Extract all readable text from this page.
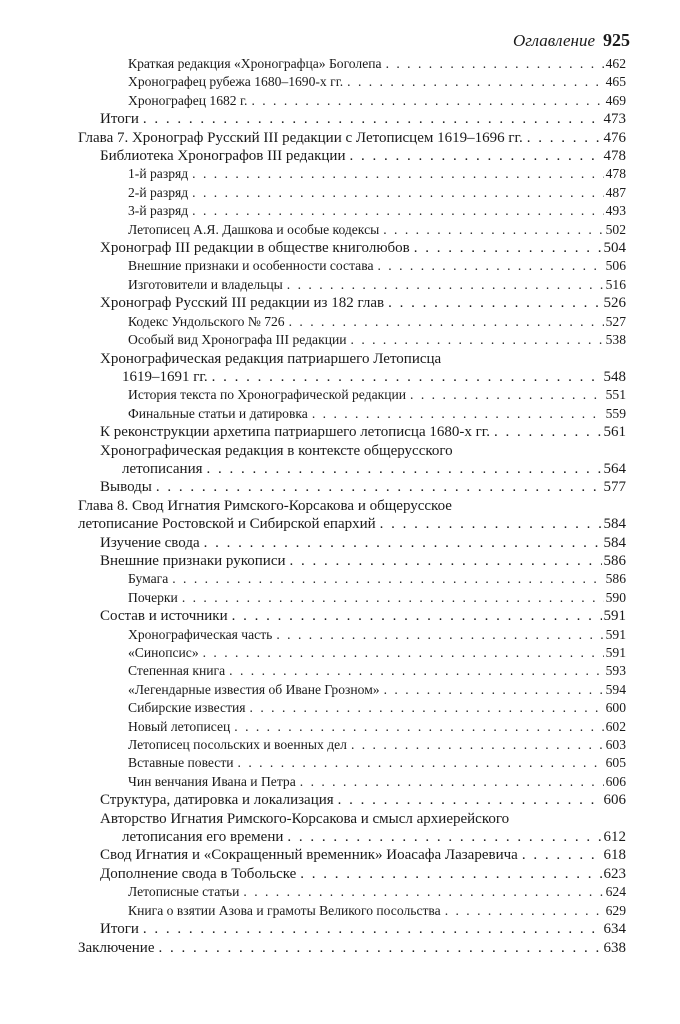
Оглавление 925
Краткая редакция «Хронографца» Боголепа . . .	462
Хронографец рубежа 1680–1690-х гг. . . .	465
Хронографец 1682 г. . . .	469
Итоги . . .	473
Глава 7. Хронограф Русский III редакции с Летописцем 1619–1696 гг. . . .	476
Библиотека Хронографов III редакции . . .	478
1-й разряд . . .	478
2-й разряд . . .	487
3-й разряд . . .	493
Летописец А.Я. Дашкова и особые кодексы . . .	502
Хронограф III редакции в обществе книголюбов . . .	504
Внешние признаки и особенности состава . . .	506
Изготовители и владельцы . . .	516
Хронограф Русский III редакции из 182 глав . . .	526
Кодекс Ундольского № 726 . . .	527
Особый вид Хронографа III редакции . . .	538
Хронографическая редакция патриаршего Летописца
1619–1691 гг. . . .	548
История текста по Хронографической редакции . . .	551
Финальные статьи и датировка . . .	559
К реконструкции архетипа патриаршего летописца 1680-х гг. . . .	561
Хронографическая редакция в контексте общерусского
летописания . . .	564
Выводы . . .	577
Глава 8. Свод Игнатия Римского-Корсакова и общерусское
летописание Ростовской и Сибирской епархий . . .	584
Изучение свода . . .	584
Внешние признаки рукописи . . .	586
Бумага . . .	586
Почерки . . .	590
Состав и источники . . .	591
Хронографическая часть . . .	591
«Синопсис» . . .	591
Степенная книга . . .	593
«Легендарные известия об Иване Грозном» . . .	594
Сибирские известия . . .	600
Новый летописец . . .	602
Летописец посольских и военных дел . . .	603
Вставные повести . . .	605
Чин венчания Ивана и Петра . . .	606
Структура, датировка и локализация . . .	606
Авторство Игнатия Римского-Корсакова и смысл архиерейского
летописания его времени . . .	612
Свод Игнатия и «Сокращенный временник» Иоасафа Лазаревича . . .	618
Дополнение свода в Тобольске . . .	623
Летописные статьи . . .	624
Книга о взятии Азова и грамоты Великого посольства . . .	629
Итоги . . .	634
Заключение . . .	638
